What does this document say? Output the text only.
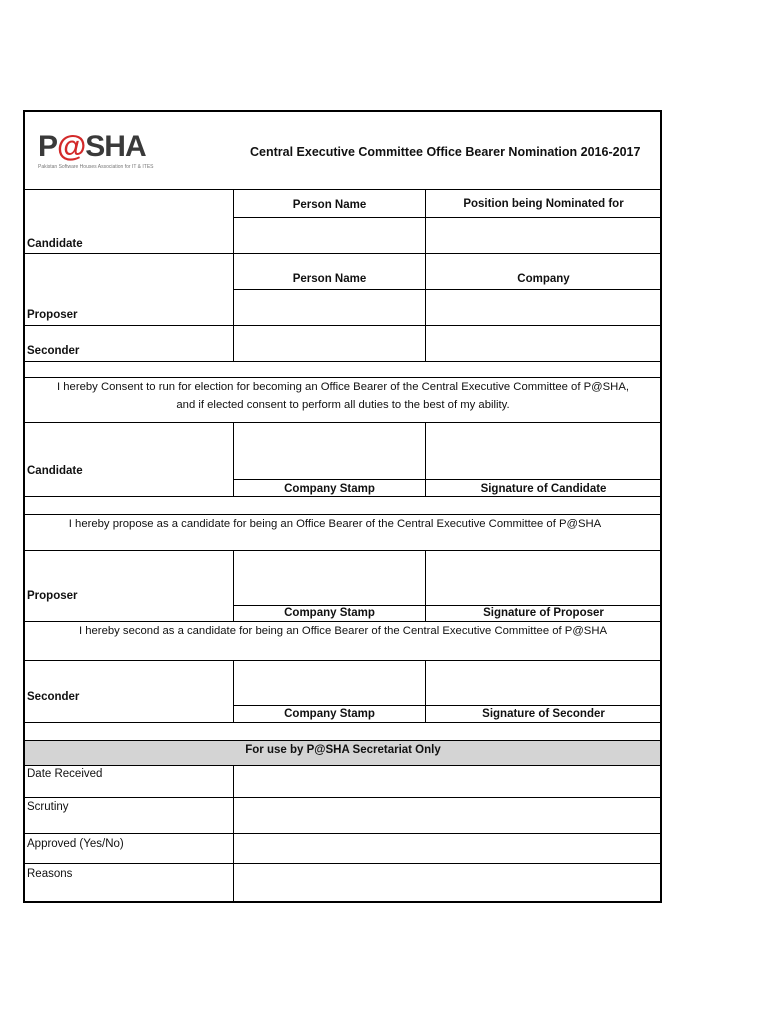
P@SHA
Pakistan Software Houses Association for IT & ITES
Central Executive Committee Office Bearer Nomination 2016-2017
Person Name	Position being Nominated for
Candidate
Person Name	Company
Proposer
Seconder
I hereby Consent to run for election for becoming an Office Bearer of the Central Executive Committee of P@SHA,
and if elected consent to perform all duties to the best of my ability.
Candidate
Company Stamp	Signature of Candidate
I hereby propose as a candidate for being an Office Bearer of the Central Executive Committee of P@SHA
Proposer
Company Stamp	Signature of Proposer
I hereby second as a candidate for being an Office Bearer of the Central Executive Committee of P@SHA
Seconder
Company Stamp	Signature of Seconder
For use by P@SHA Secretariat Only
Date Received
Scrutiny
Approved (Yes/No)
Reasons
